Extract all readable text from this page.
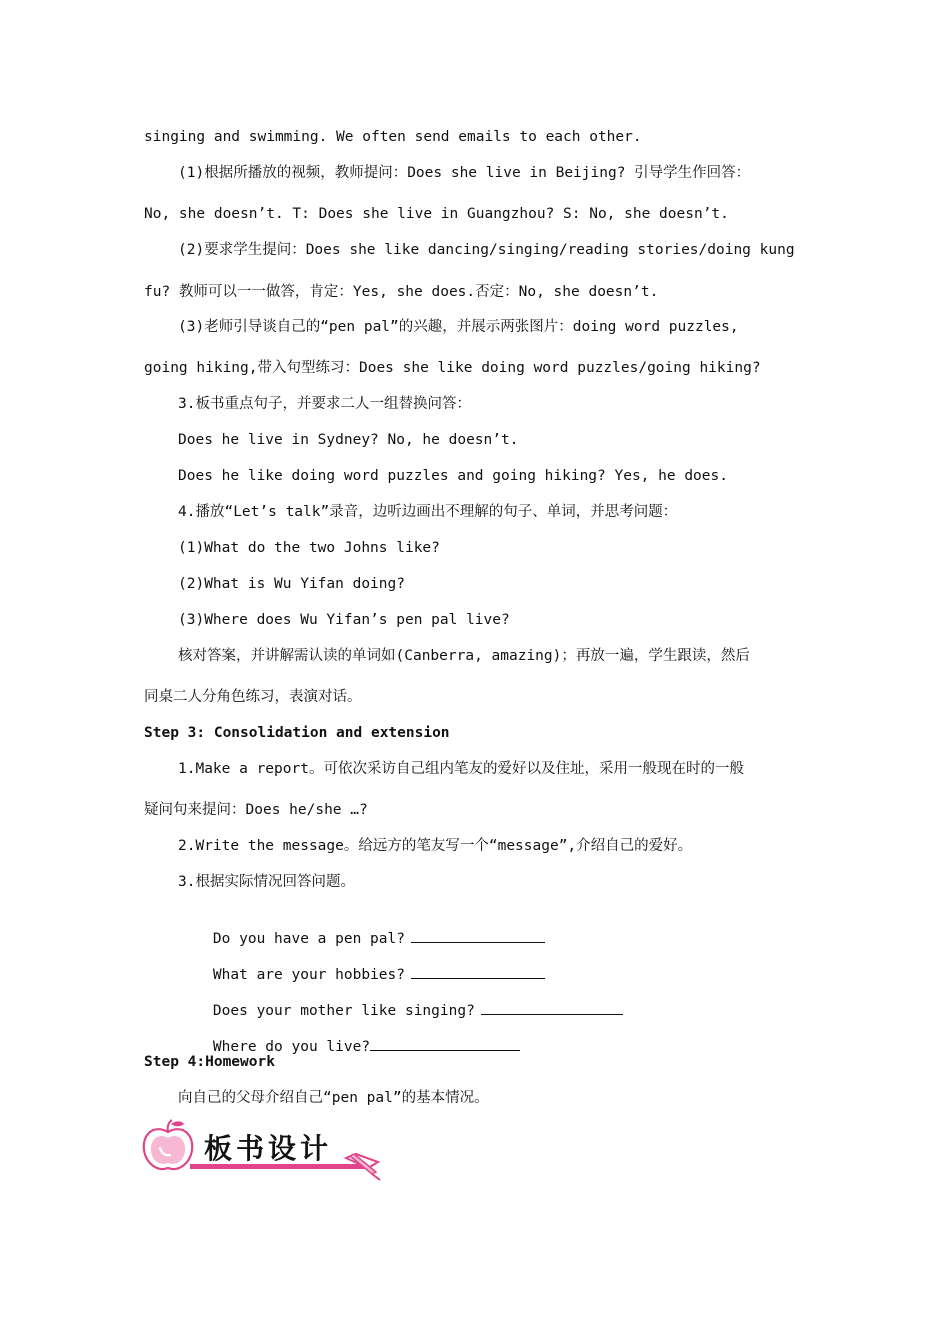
singing and swimming. We often send emails to each other.
(1)根据所播放的视频，教师提问：Does she live in Beijing? 引导学生作回答：
No, she doesn’t. T: Does she live in Guangzhou? S: No, she doesn’t.
(2)要求学生提问：Does she like dancing/singing/reading stories/doing kung
fu? 教师可以一一做答，肯定：Yes, she does.否定：No, she doesn’t.
(3)老师引导谈自己的“pen pal”的兴趣，并展示两张图片：doing word puzzles,
going hiking,带入句型练习：Does she like doing word puzzles/going hiking?
3.板书重点句子，并要求二人一组替换问答：
Does he live in Sydney? No, he doesn’t.
Does he like doing word puzzles and going hiking? Yes, he does.
4.播放“Let’s talk”录音，边听边画出不理解的句子、单词，并思考问题：
(1)What do the two Johns like?
(2)What is Wu Yifan doing?
(3)Where does Wu Yifan’s pen pal live?
核对答案，并讲解需认读的单词如(Canberra, amazing)；再放一遍，学生跟读，然后
同桌二人分角色练习，表演对话。
Step 3: Consolidation and extension
1.Make a report。可依次采访自己组内笔友的爱好以及住址，采用一般现在时的一般
疑问句来提问：Does he/she …?
2.Write the message。给远方的笔友写一个“message”,介绍自己的爱好。
3.根据实际情况回答问题。

Do you have a pen pal?

What are your hobbies?

Does your mother like singing?

Where do you live?

Step 4:Homework
向自己的父母介绍自己“pen pal”的基本情况。
板书设计
